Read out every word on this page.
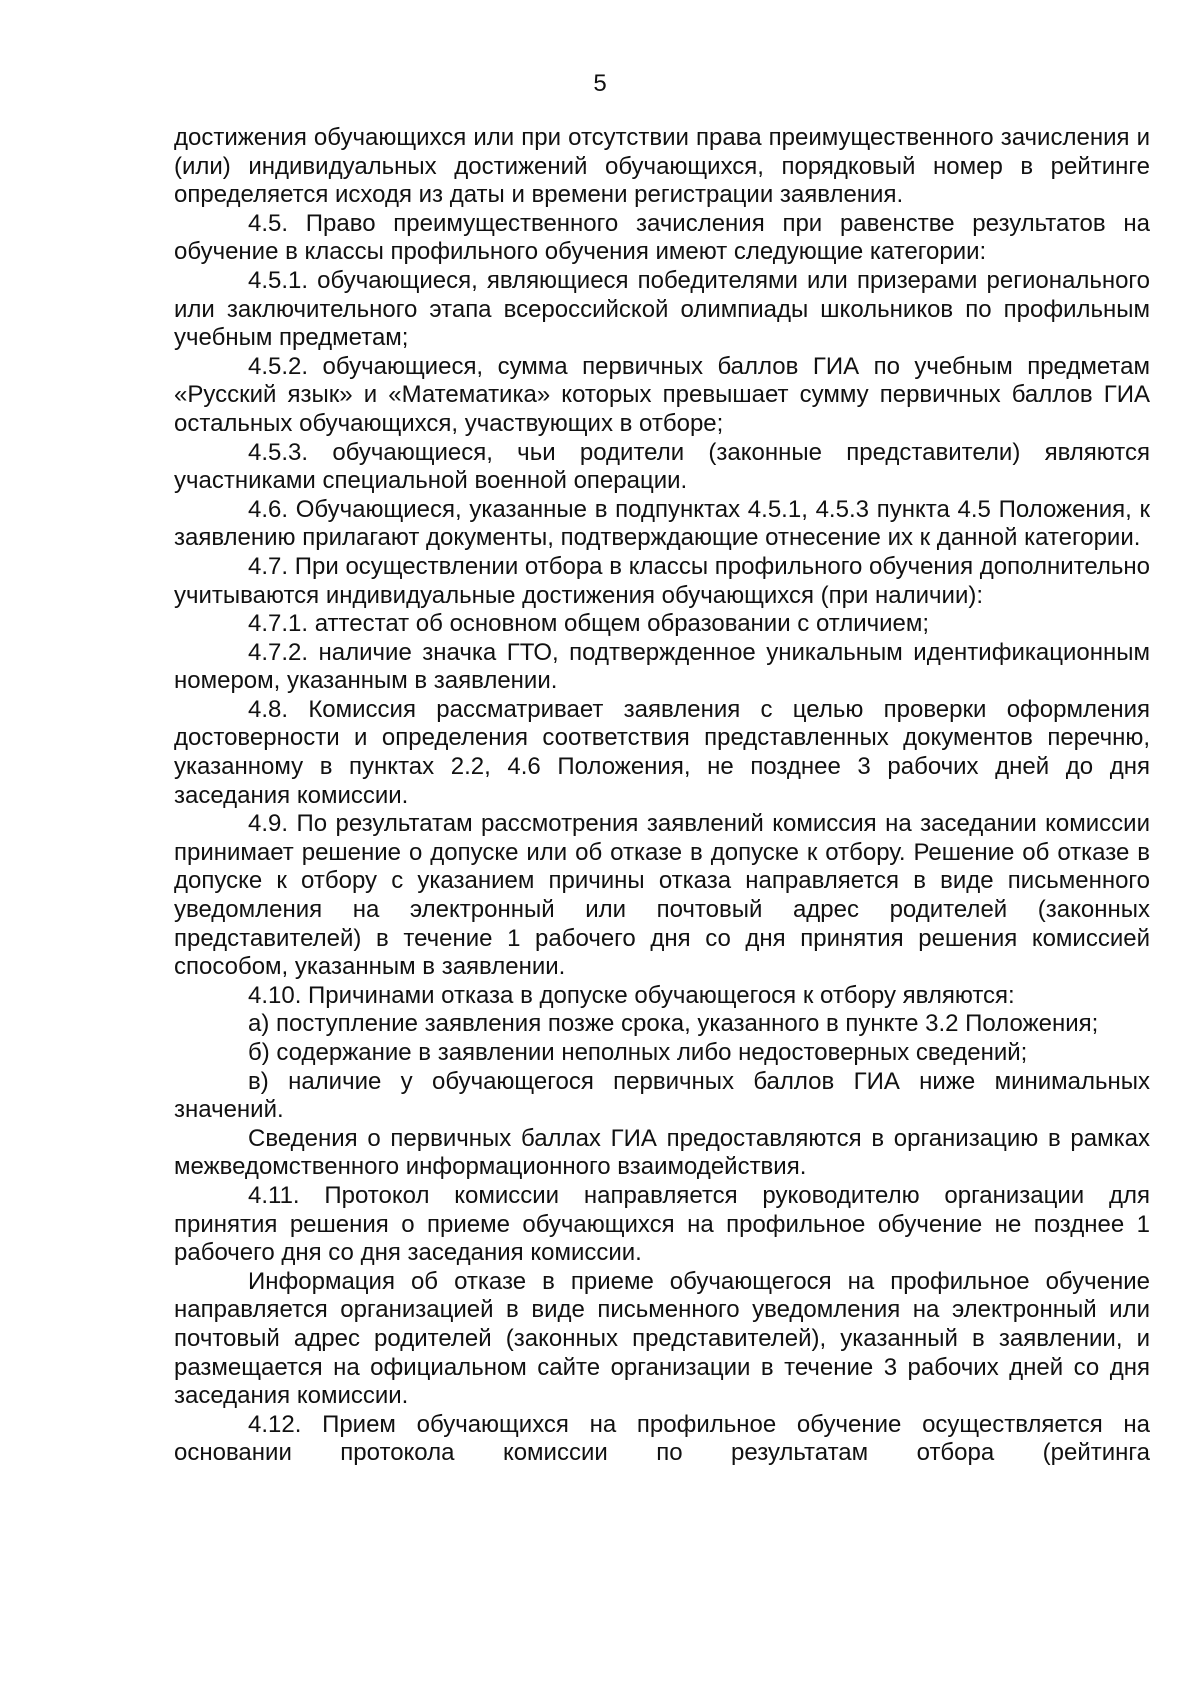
5

достижения обучающихся или при отсутствии права преимущественного зачисления и (или) индивидуальных достижений обучающихся, порядковый номер в рейтинге определяется исходя из даты и времени регистрации заявления.

4.5. Право преимущественного зачисления при равенстве результатов на обучение в классы профильного обучения имеют следующие категории:

4.5.1. обучающиеся, являющиеся победителями или призерами регионального или заключительного этапа всероссийской олимпиады школьников по профильным учебным предметам;

4.5.2. обучающиеся, сумма первичных баллов ГИА по учебным предметам «Русский язык» и «Математика» которых превышает сумму первичных баллов ГИА остальных обучающихся, участвующих в отборе;

4.5.3. обучающиеся, чьи родители (законные представители) являются участниками специальной военной операции.

4.6. Обучающиеся, указанные в подпунктах 4.5.1, 4.5.3 пункта 4.5 Положения, к заявлению прилагают документы, подтверждающие отнесение их к данной категории.

4.7. При осуществлении отбора в классы профильного обучения дополнительно учитываются индивидуальные достижения обучающихся (при наличии):

4.7.1. аттестат об основном общем образовании с отличием;

4.7.2. наличие значка ГТО, подтвержденное уникальным идентификационным номером, указанным в заявлении.

4.8. Комиссия рассматривает заявления с целью проверки оформления достоверности и определения соответствия представленных документов перечню, указанному в пунктах 2.2, 4.6 Положения, не позднее 3 рабочих дней до дня заседания комиссии.

4.9. По результатам рассмотрения заявлений комиссия на заседании комиссии принимает решение о допуске или об отказе в допуске к отбору. Решение об отказе в допуске к отбору с указанием причины отказа направляется в виде письменного уведомления на электронный или почтовый адрес родителей (законных представителей) в течение 1 рабочего дня со дня принятия решения комиссией способом, указанным в заявлении.

4.10. Причинами отказа в допуске обучающегося к отбору являются:

а) поступление заявления позже срока, указанного в пункте 3.2 Положения;

б) содержание в заявлении неполных либо недостоверных сведений;

в) наличие у обучающегося первичных баллов ГИА ниже минимальных значений.

Сведения о первичных баллах ГИА предоставляются в организацию в рамках межведомственного информационного взаимодействия.

4.11. Протокол комиссии направляется руководителю организации для принятия решения о приеме обучающихся на профильное обучение не позднее 1 рабочего дня со дня заседания комиссии.

Информация об отказе в приеме обучающегося на профильное обучение направляется организацией в виде письменного уведомления на электронный или почтовый адрес родителей (законных представителей), указанный в заявлении, и размещается на официальном сайте организации в течение 3 рабочих дней со дня заседания комиссии.

4.12. Прием обучающихся на профильное обучение осуществляется на основании протокола комиссии по результатам отбора (рейтинга
